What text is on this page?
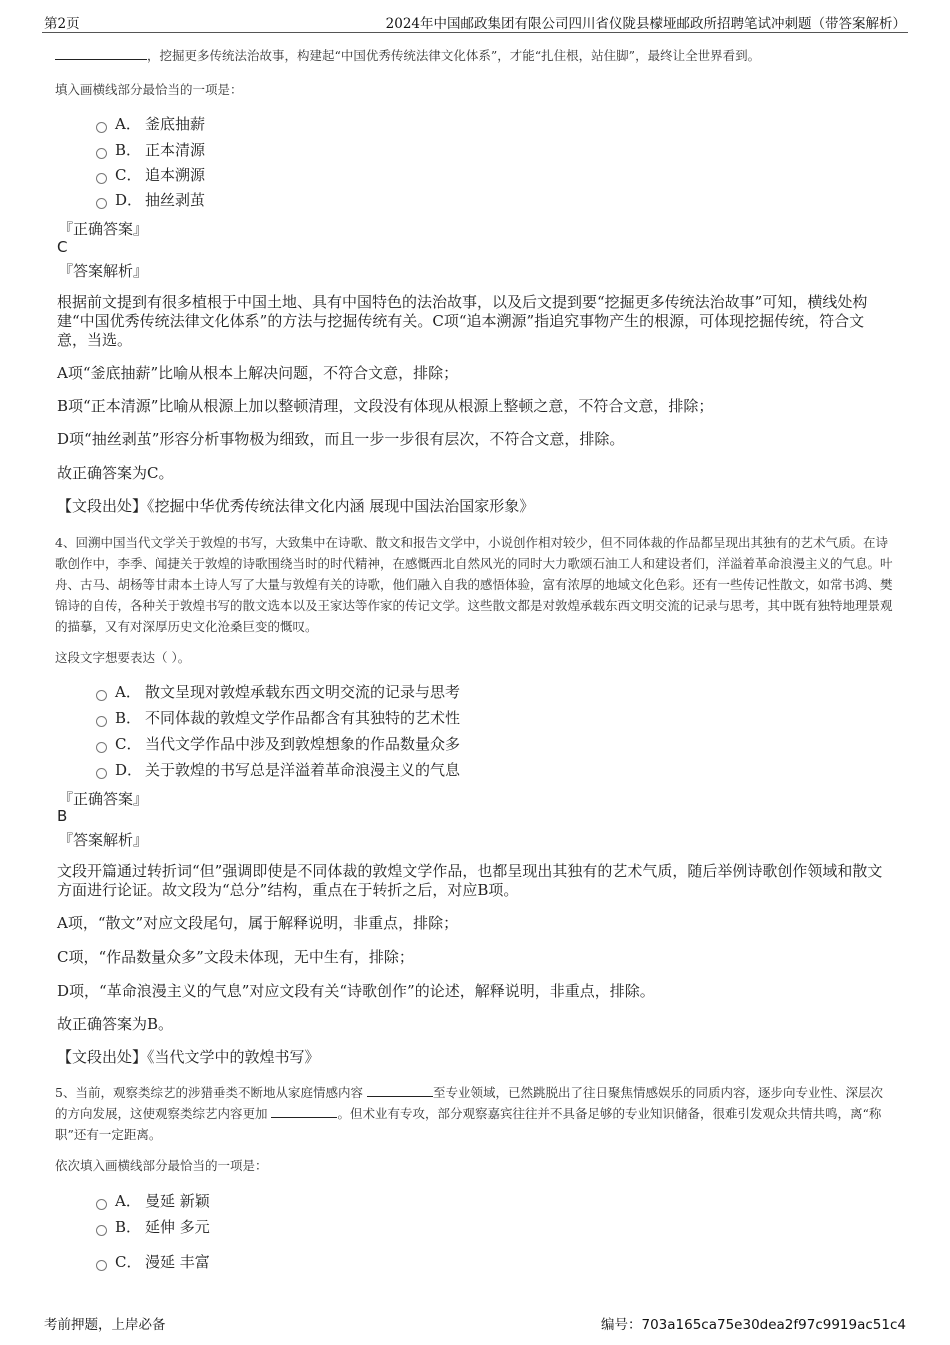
第2页	2024年中国邮政集团有限公司四川省仪陇县檬垭邮政所招聘笔试冲刺题（带答案解析）
，挖掘更多传统法治故事，构建起“中国优秀传统法律文化体系”，才能“扎住根，站住脚”，最终让全世界看到。
填入画横线部分最恰当的一项是：
A． 釜底抽薪
B． 正本清源
C． 追本溯源
D． 抽丝剥茧
『正确答案』
C
『答案解析』
根据前文提到有很多植根于中国土地、具有中国特色的法治故事，以及后文提到要“挖掘更多传统法治故事”可知，横线处构建“中国优秀传统法律文化体系”的方法与挖掘传统有关。C项“追本溯源”指追究事物产生的根源，可体现挖掘传统，符合文意，当选。
A项“釜底抽薪”比喻从根本上解决问题，不符合文意，排除；
B项“正本清源”比喻从根源上加以整顿清理，文段没有体现从根源上整顿之意，不符合文意，排除；
D项“抽丝剥茧”形容分析事物极为细致，而且一步一步很有层次，不符合文意，排除。
故正确答案为C。
【文段出处】《挖掘中华优秀传统法律文化内涵 展现中国法治国家形象》
4、回溯中国当代文学关于敦煌的书写，大致集中在诗歌、散文和报告文学中，小说创作相对较少，但不同体裁的作品都呈现出其独有的艺术气质。在诗歌创作中，李季、闻捷关于敦煌的诗歌围绕当时的时代精神，在感慨西北自然风光的同时大力歌颂石油工人和建设者们，洋溢着革命浪漫主义的气息。叶舟、古马、胡杨等甘肃本土诗人写了大量与敦煌有关的诗歌，他们融入自我的感悟体验，富有浓厚的地域文化色彩。还有一些传记性散文，如常书鸿、樊锦诗的自传，各种关于敦煌书写的散文选本以及王家达等作家的传记文学。这些散文都是对敦煌承载东西文明交流的记录与思考，其中既有独特地理景观的描摹，又有对深厚历史文化沧桑巨变的慨叹。
这段文字想要表达（ ）。
A． 散文呈现对敦煌承载东西文明交流的记录与思考
B． 不同体裁的敦煌文学作品都含有其独特的艺术性
C． 当代文学作品中涉及到敦煌想象的作品数量众多
D． 关于敦煌的书写总是洋溢着革命浪漫主义的气息
『正确答案』
B
『答案解析』
文段开篇通过转折词“但”强调即使是不同体裁的敦煌文学作品，也都呈现出其独有的艺术气质，随后举例诗歌创作领域和散文方面进行论证。故文段为“总分”结构，重点在于转折之后，对应B项。
A项，“散文”对应文段尾句，属于解释说明，非重点，排除；
C项，“作品数量众多”文段未体现，无中生有，排除；
D项，“革命浪漫主义的气息”对应文段有关“诗歌创作”的论述，解释说明，非重点，排除。
故正确答案为B。
【文段出处】《当代文学中的敦煌书写》
5、当前，观察类综艺的涉猎垂类不断地从家庭情感内容	至专业领域，已然跳脱出了往日聚焦情感娱乐的同质内容，逐步向专业性、深层次的方向发展，这使观察类综艺内容更加	。但术业有专攻，部分观察嘉宾往往并不具备足够的专业知识储备，很难引发观众共情共鸣，离“称职”还有一定距离。
依次填入画横线部分最恰当的一项是：
A． 曼延 新颖
B． 延伸 多元
C． 漫延 丰富
考前押题，上岸必备	编号：703a165ca75e30dea2f97c9919ac51c4
